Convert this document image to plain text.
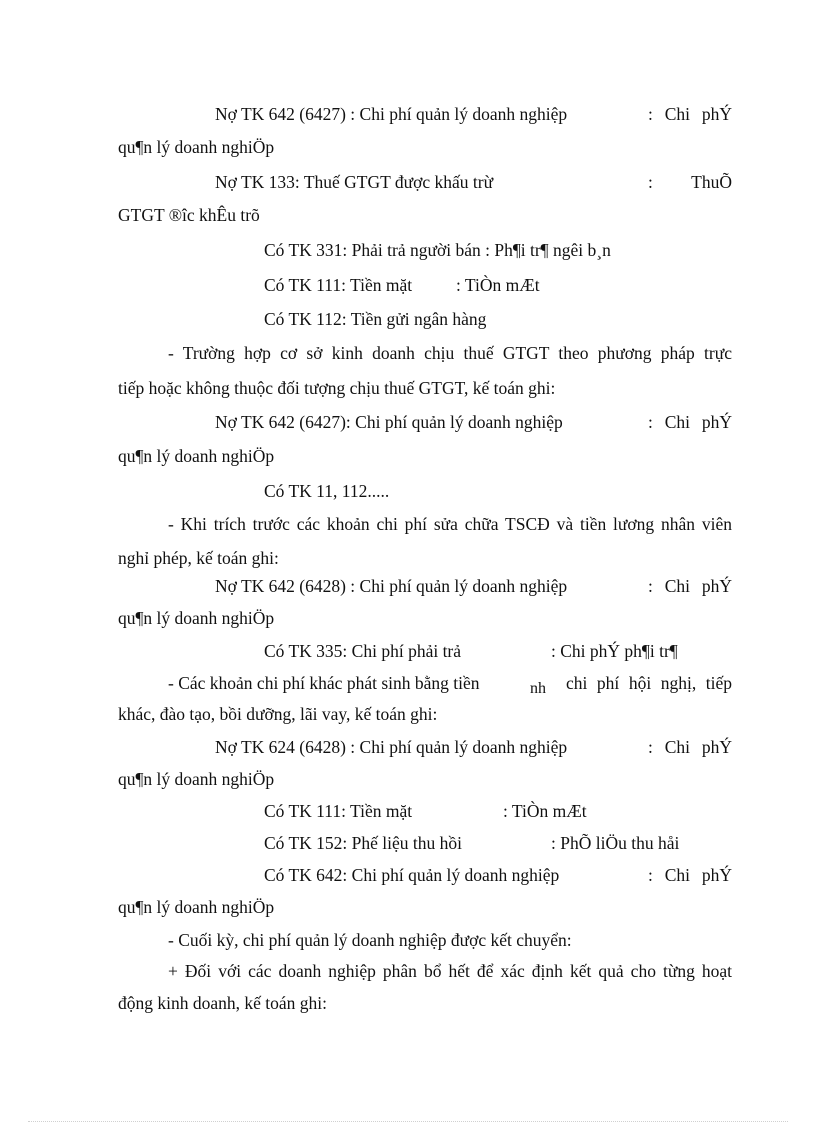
Nợ TK 642 (6427) : Chi phí quản lý doanh nghiệp	: Chi phÝ

qu¶n lý doanh nghiÖp

Nợ TK 133: Thuế GTGT được khấu trừ	: ThuÕ

GTGT ®îc khÊu trõ

Có TK 331: Phải trả người bán : Ph¶i tr¶ ngêi b¸n

Có TK 111: Tiền mặt	: TiÒn mÆt

Có TK 112: Tiền gửi ngân hàng

- Trường hợp cơ sở kinh doanh chịu thuế GTGT theo phương pháp trực

tiếp hoặc không thuộc đối tượng chịu thuế GTGT, kế toán ghi:

Nợ TK 642 (6427): Chi phí quản lý doanh nghiệp	: Chi phÝ

qu¶n lý doanh nghiÖp

Có TK 11, 112.....

- Khi trích trước các khoản chi phí sửa chữa TSCĐ và tiền lương nhân viên

nghỉ phép, kế toán ghi:

Nợ TK 642 (6428) : Chi phí quản lý doanh nghiệp	: Chi phÝ

qu¶n lý doanh nghiÖp

Có TK 335: Chi phí phải trả	: Chi phÝ ph¶i tr¶

- Các khoản chi phí khác phát sinh bằng tiền	nh chi phí hội nghị, tiếp

khác, đào tạo, bồi dưỡng, lãi vay, kế toán ghi:

Nợ TK 624 (6428) : Chi phí quản lý doanh nghiệp	: Chi phÝ

qu¶n lý doanh nghiÖp

Có TK 111: Tiền mặt	: TiÒn mÆt

Có TK 152: Phế liệu thu hồi	: PhÕ liÖu thu håi

Có TK 642: Chi phí quản lý doanh nghiệp	: Chi phÝ

qu¶n lý doanh nghiÖp

- Cuối kỳ, chi phí quản lý doanh nghiệp được kết chuyển:

+ Đối với các doanh nghiệp phân bổ hết để xác định kết quả cho từng hoạt

động kinh doanh, kế toán ghi:
